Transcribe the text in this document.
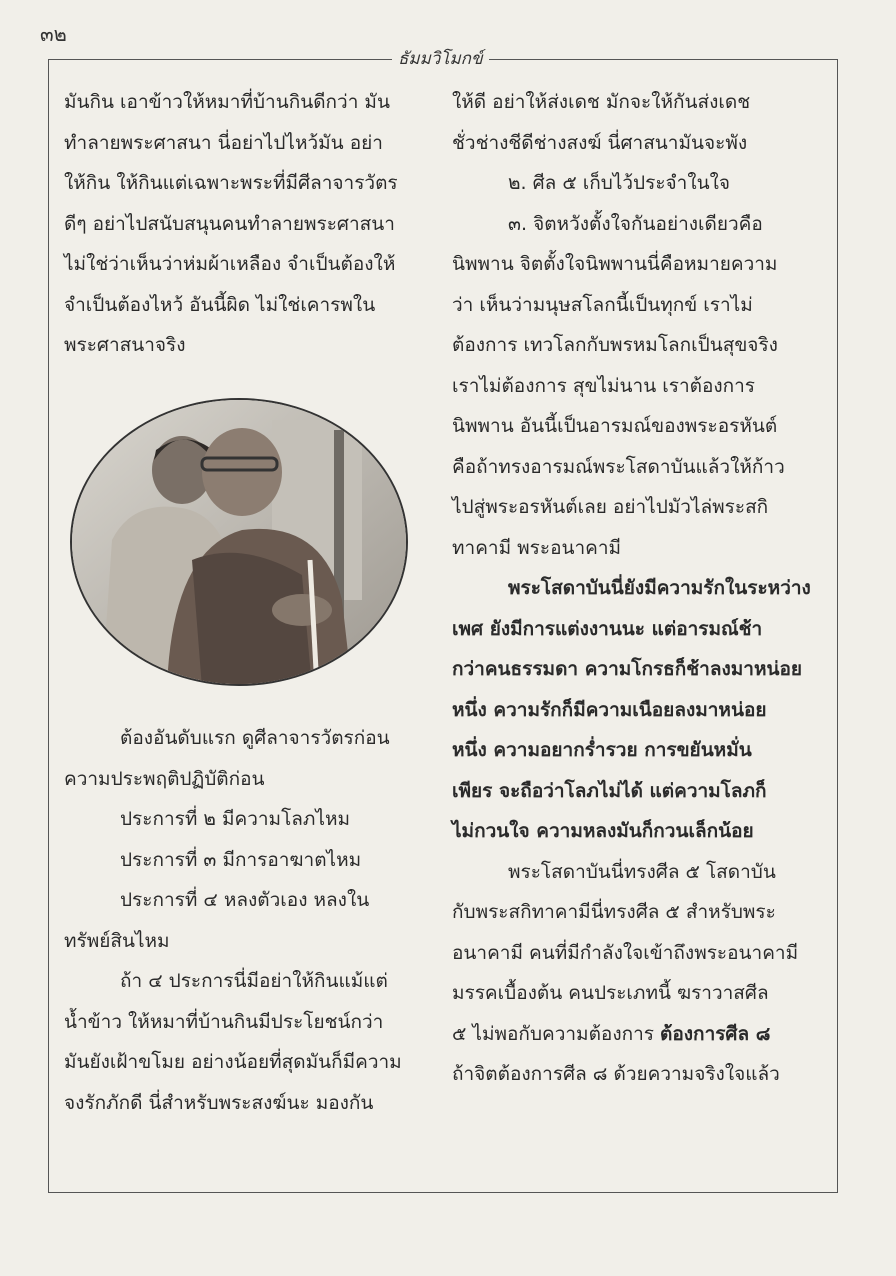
๓๒
ธัมมวิโมกข์
มันกิน เอาข้าวให้หมาที่บ้านกินดีกว่า มัน
ทำลายพระศาสนา นี่อย่าไปไหว้มัน อย่า
ให้กิน ให้กินแต่เฉพาะพระที่มีศีลาจารวัตร
ดีๆ อย่าไปสนับสนุนคนทำลายพระศาสนา
ไม่ใช่ว่าเห็นว่าห่มผ้าเหลือง จำเป็นต้องให้
จำเป็นต้องไหว้ อันนี้ผิด ไม่ใช่เคารพใน
พระศาสนาจริง
ต้องอันดับแรก ดูศีลาจารวัตรก่อน
ความประพฤติปฏิบัติก่อน
ประการที่ ๒ มีความโลภไหม
ประการที่ ๓ มีการอาฆาตไหม
ประการที่ ๔ หลงตัวเอง หลงใน
ทรัพย์สินไหม
ถ้า ๔ ประการนี่มีอย่าให้กินแม้แต่
น้ำข้าว ให้หมาที่บ้านกินมีประโยชน์กว่า
มันยังเฝ้าขโมย อย่างน้อยที่สุดมันก็มีความ
จงรักภักดี นี่สำหรับพระสงฆ์นะ มองกัน
ให้ดี อย่าให้ส่งเดช มักจะให้กันส่งเดช
ชั่วช่างชีดีช่างสงฆ์ นี่ศาสนามันจะพัง
๒. ศีล ๕ เก็บไว้ประจำในใจ
๓. จิตหวังตั้งใจกันอย่างเดียวคือ
นิพพาน จิตตั้งใจนิพพานนี่คือหมายความ
ว่า เห็นว่ามนุษสโลกนี้เป็นทุกข์ เราไม่
ต้องการ เทวโลกกับพรหมโลกเป็นสุขจริง
เราไม่ต้องการ สุขไม่นาน เราต้องการ
นิพพาน อันนี้เป็นอารมณ์ของพระอรหันต์
คือถ้าทรงอารมณ์พระโสดาบันแล้วให้ก้าว
ไปสู่พระอรหันต์เลย อย่าไปมัวไล่พระสกิ
ทาคามี พระอนาคามี
พระโสดาบันนี่ยังมีความรักในระหว่าง
เพศ ยังมีการแต่งงานนะ แต่อารมณ์ช้า
กว่าคนธรรมดา ความโกรธก็ช้าลงมาหน่อย
หนึ่ง ความรักก็มีความเนือยลงมาหน่อย
หนึ่ง ความอยากร่ำรวย การขยันหมั่น
เพียร จะถือว่าโลภไม่ได้ แต่ความโลภก็
ไม่กวนใจ ความหลงมันก็กวนเล็กน้อย
พระโสดาบันนี่ทรงศีล ๕ โสดาบัน
กับพระสกิทาคามีนี่ทรงศีล ๕ สำหรับพระ
อนาคามี คนที่มีกำลังใจเข้าถึงพระอนาคามี
มรรคเบื้องต้น คนประเภทนี้ ฆราวาสศีล
๕ ไม่พอกับความต้องการ ต้องการศีล ๘
ถ้าจิตต้องการศีล ๘ ด้วยความจริงใจแล้ว
